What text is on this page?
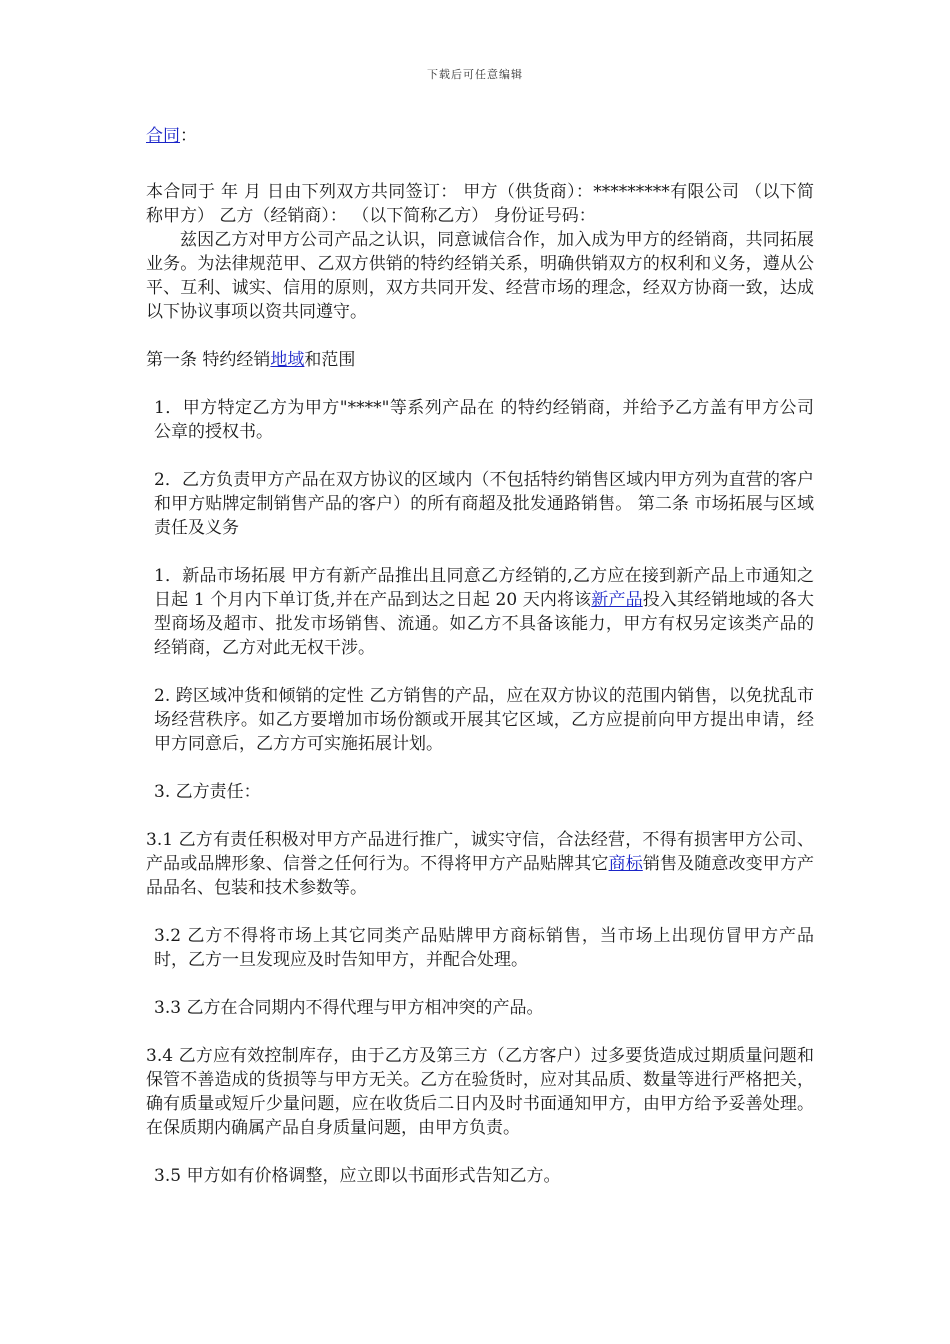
下载后可任意编辑

合同：

本合同于 年 月 日由下列双方共同签订： 甲方（供货商）：*********有限公司 （以下简称甲方） 乙方（经销商）： （以下简称乙方） 身份证号码：

兹因乙方对甲方公司产品之认识，同意诚信合作，加入成为甲方的经销商，共同拓展业务。为法律规范甲、乙双方供销的特约经销关系，明确供销双方的权利和义务，遵从公平、互利、诚实、信用的原则，双方共同开发、经营市场的理念，经双方协商一致，达成以下协议事项以资共同遵守。

第一条 特约经销地域和范围

1．甲方特定乙方为甲方"****"等系列产品在 的特约经销商，并给予乙方盖有甲方公司公章的授权书。

2．乙方负责甲方产品在双方协议的区域内（不包括特约销售区域内甲方列为直营的客户和甲方贴牌定制销售产品的客户）的所有商超及批发通路销售。 第二条 市场拓展与区域责任及义务

1．新品市场拓展 甲方有新产品推出且同意乙方经销的,乙方应在接到新产品上市通知之日起 1 个月内下单订货,并在产品到达之日起 20 天内将该新产品投入其经销地域的各大型商场及超市、批发市场销售、流通。如乙方不具备该能力，甲方有权另定该类产品的经销商，乙方对此无权干涉。

2. 跨区域冲货和倾销的定性 乙方销售的产品，应在双方协议的范围内销售，以免扰乱市场经营秩序。如乙方要增加市场份额或开展其它区域，乙方应提前向甲方提出申请，经甲方同意后，乙方方可实施拓展计划。

3. 乙方责任：

3.1 乙方有责任积极对甲方产品进行推广，诚实守信，合法经营，不得有损害甲方公司、产品或品牌形象、信誉之任何行为。不得将甲方产品贴牌其它商标销售及随意改变甲方产品品名、包装和技术参数等。

3.2 乙方不得将市场上其它同类产品贴牌甲方商标销售，当市场上出现仿冒甲方产品时，乙方一旦发现应及时告知甲方，并配合处理。

3.3 乙方在合同期内不得代理与甲方相冲突的产品。

3.4 乙方应有效控制库存，由于乙方及第三方（乙方客户）过多要货造成过期质量问题和保管不善造成的货损等与甲方无关。乙方在验货时，应对其品质、数量等进行严格把关，确有质量或短斤少量问题，应在收货后二日内及时书面通知甲方，由甲方给予妥善处理。在保质期内确属产品自身质量问题，由甲方负责。

3.5 甲方如有价格调整，应立即以书面形式告知乙方。
